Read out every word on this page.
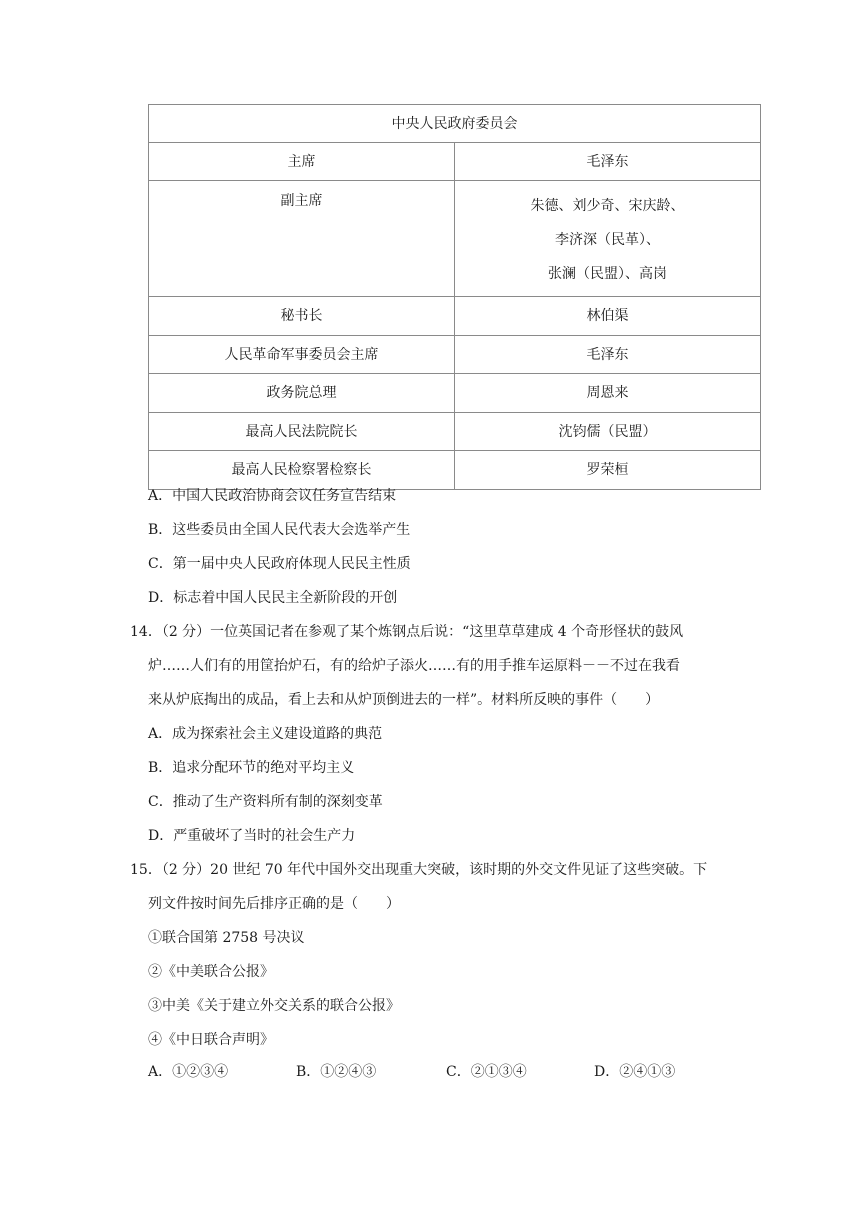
中央人民政府委员会	
主席	毛泽东
副主席	朱德、刘少奇、宋庆龄、
李济深（民革）、
张澜（民盟）、高岗

秘书长	林伯渠
人民革命军事委员会主席	毛泽东
政务院总理	周恩来
最高人民法院院长	沈钧儒（民盟）
最高人民检察署检察长	罗荣桓
A．中国人民政治协商会议任务宣告结束
B．这些委员由全国人民代表大会选举产生
C．第一届中央人民政府体现人民民主性质
D．标志着中国人民民主全新阶段的开创
14．（2 分）一位英国记者在参观了某个炼钢点后说：“这里草草建成 4 个奇形怪状的鼓风
炉……人们有的用筐抬炉石，有的给炉子添火……有的用手推车运原料－－不过在我看
来从炉底掏出的成品，看上去和从炉顶倒进去的一样”。材料所反映的事件（　　）
A．成为探索社会主义建设道路的典范
B．追求分配环节的绝对平均主义
C．推动了生产资料所有制的深刻变革
D．严重破坏了当时的社会生产力
15．（2 分）20 世纪 70 年代中国外交出现重大突破，该时期的外交文件见证了这些突破。下
列文件按时间先后排序正确的是（　　）
①联合国第 2758 号决议
②《中美联合公报》
③中美《关于建立外交关系的联合公报》
④《中日联合声明》
A．①②③④	B．①②④③	C．②①③④	D．②④①③
